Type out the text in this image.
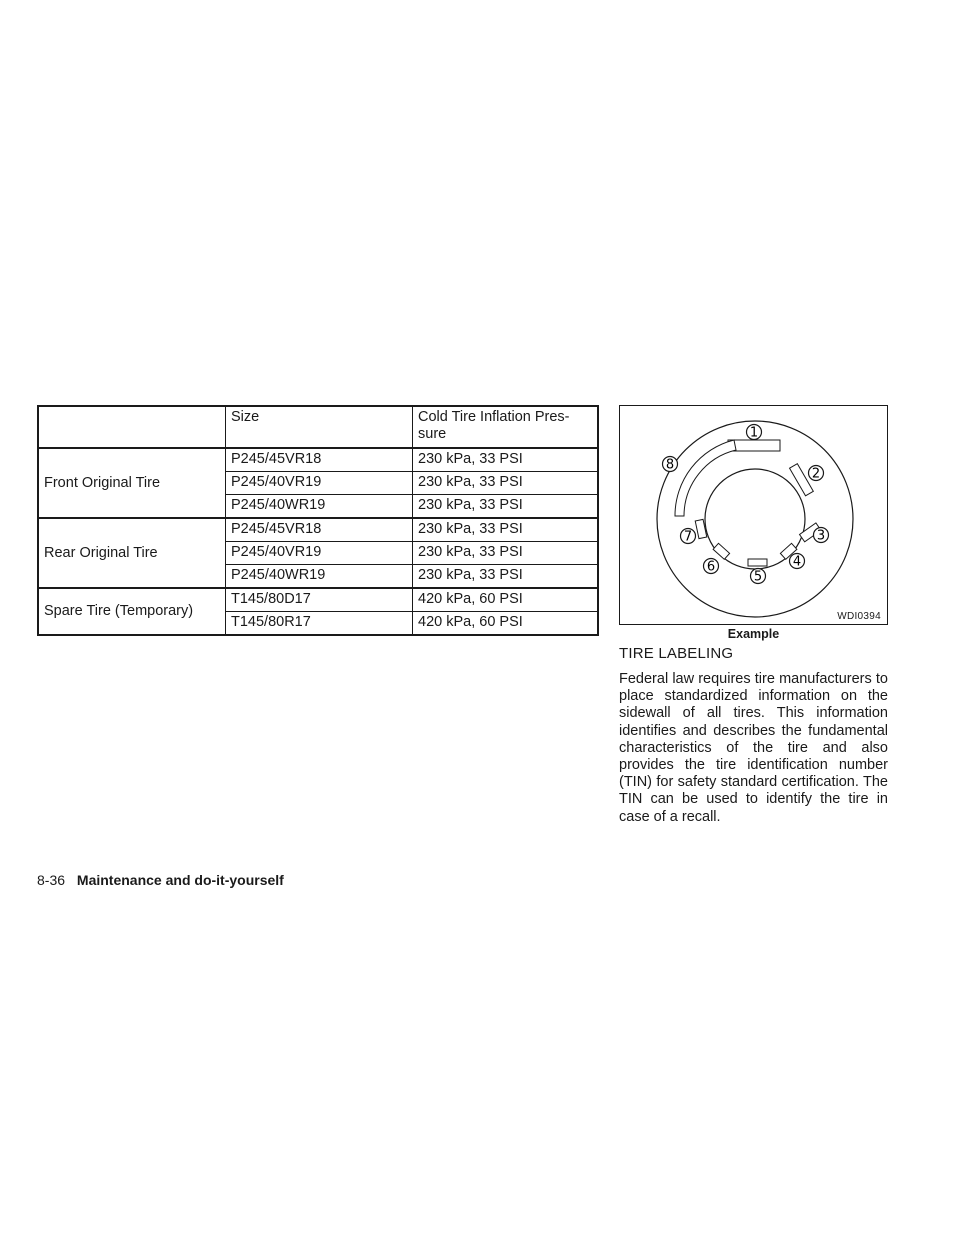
	Size	Cold Tire Inflation Pres-
sure
Front Original Tire	P245/45VR18	230 kPa, 33 PSI
	P245/40VR19	230 kPa, 33 PSI
	P245/40WR19	230 kPa, 33 PSI
Rear Original Tire	P245/45VR18	230 kPa, 33 PSI
	P245/40VR19	230 kPa, 33 PSI
	P245/40WR19	230 kPa, 33 PSI
Spare Tire (Temporary)	T145/80D17	420 kPa, 60 PSI
	T145/80R17	420 kPa, 60 PSI
1
2
3
4
5
6
7
8
WDI0394
Example
TIRE LABELING
Federal law requires tire manufacturers to place standardized information on the sidewall of all tires. This information identifies and describes the fundamental characteristics of the tire and also provides the tire identification number (TIN) for safety standard certification. The TIN can be used to identify the tire in case of a recall.
8-36 Maintenance and do-it-yourself
